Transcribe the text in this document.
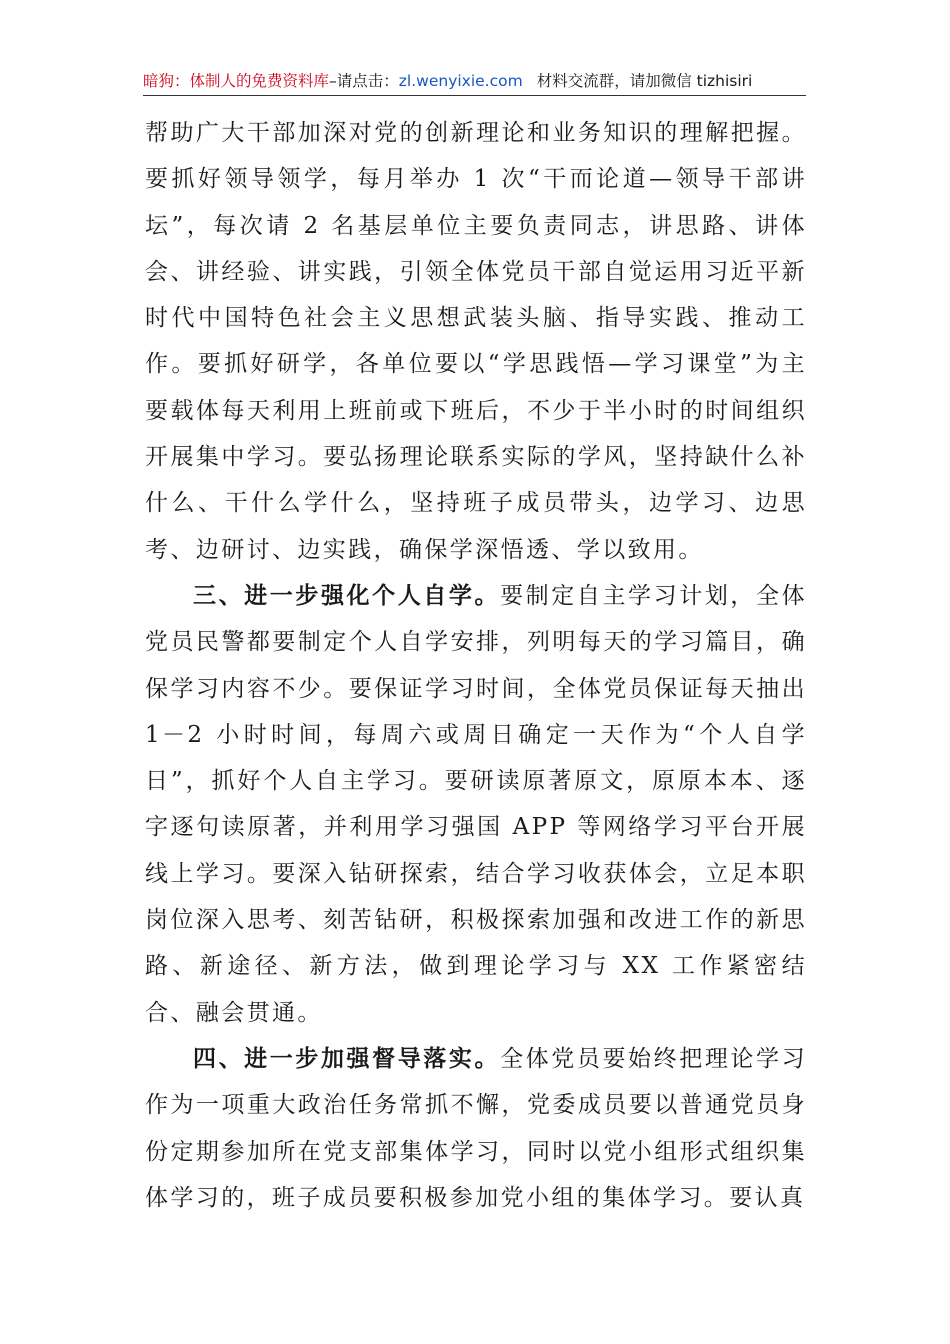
暗狗：体制人的免费资料库–请点击：zl.wenyixie.com 材料交流群，请加微信 tizhisiri

帮助广大干部加深对党的创新理论和业务知识的理解把握。要抓好领导领学，每月举办 1 次“干而论道—领导干部讲坛”，每次请 2 名基层单位主要负责同志，讲思路、讲体会、讲经验、讲实践，引领全体党员干部自觉运用习近平新时代中国特色社会主义思想武装头脑、指导实践、推动工作。要抓好研学，各单位要以“学思践悟—学习课堂”为主要载体每天利用上班前或下班后，不少于半小时的时间组织开展集中学习。要弘扬理论联系实际的学风，坚持缺什么补什么、干什么学什么，坚持班子成员带头，边学习、边思考、边研讨、边实践，确保学深悟透、学以致用。

三、进一步强化个人自学。要制定自主学习计划，全体党员民警都要制定个人自学安排，列明每天的学习篇目，确保学习内容不少。要保证学习时间，全体党员保证每天抽出 1－2 小时时间，每周六或周日确定一天作为“个人自学日”，抓好个人自主学习。要研读原著原文，原原本本、逐字逐句读原著，并利用学习强国 APP 等网络学习平台开展线上学习。要深入钻研探索，结合学习收获体会，立足本职岗位深入思考、刻苦钻研，积极探索加强和改进工作的新思路、新途径、新方法，做到理论学习与 XX 工作紧密结合、融会贯通。

四、进一步加强督导落实。全体党员要始终把理论学习作为一项重大政治任务常抓不懈，党委成员要以普通党员身份定期参加所在党支部集体学习，同时以党小组形式组织集体学习的，班子成员要积极参加党小组的集体学习。要认真
